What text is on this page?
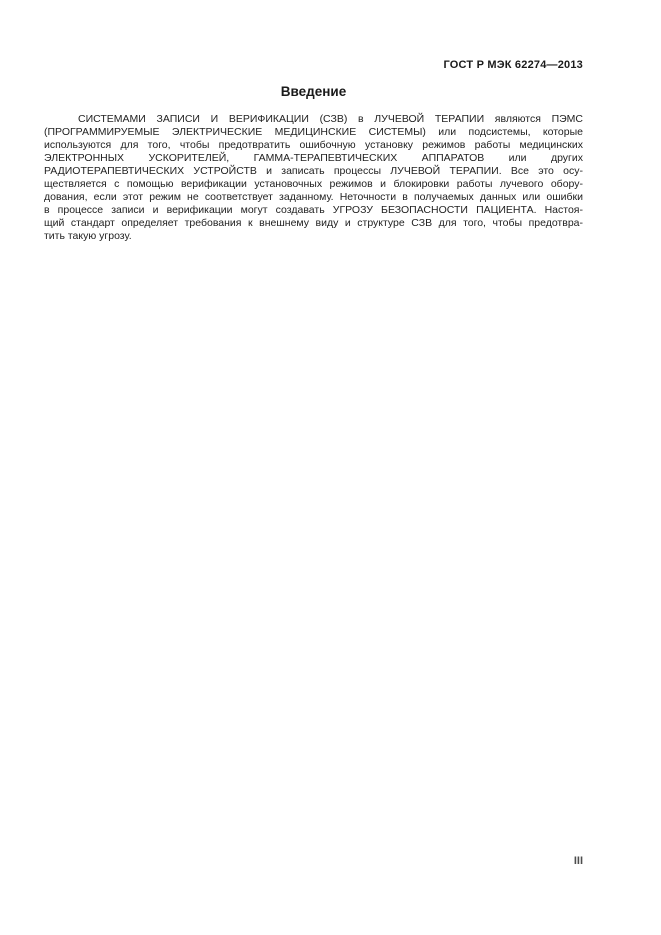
ГОСТ Р МЭК 62274—2013
Введение
СИСТЕМАМИ ЗАПИСИ И ВЕРИФИКАЦИИ (СЗВ) в ЛУЧЕВОЙ ТЕРАПИИ являются ПЭМС
(ПРОГРАММИРУЕМЫЕ ЭЛЕКТРИЧЕСКИЕ МЕДИЦИНСКИЕ СИСТЕМЫ) или подсистемы, которые
используются для того, чтобы предотвратить ошибочную установку режимов работы медицинских
ЭЛЕКТРОННЫХ УСКОРИТЕЛЕЙ, ГАММА-ТЕРАПЕВТИЧЕСКИХ АППАРАТОВ или других
РАДИОТЕРАПЕВТИЧЕСКИХ УСТРОЙСТВ и записать процессы ЛУЧЕВОЙ ТЕРАПИИ. Все это осу-
ществляется с помощью верификации установочных режимов и блокировки работы лучевого обору-
дования, если этот режим не соответствует заданному. Неточности в получаемых данных или ошибки
в процессе записи и верификации могут создавать УГРОЗУ БЕЗОПАСНОСТИ ПАЦИЕНТА. Настоя-
щий стандарт определяет требования к внешнему виду и структуре СЗВ для того, чтобы предотвра-
тить такую угрозу.
III
